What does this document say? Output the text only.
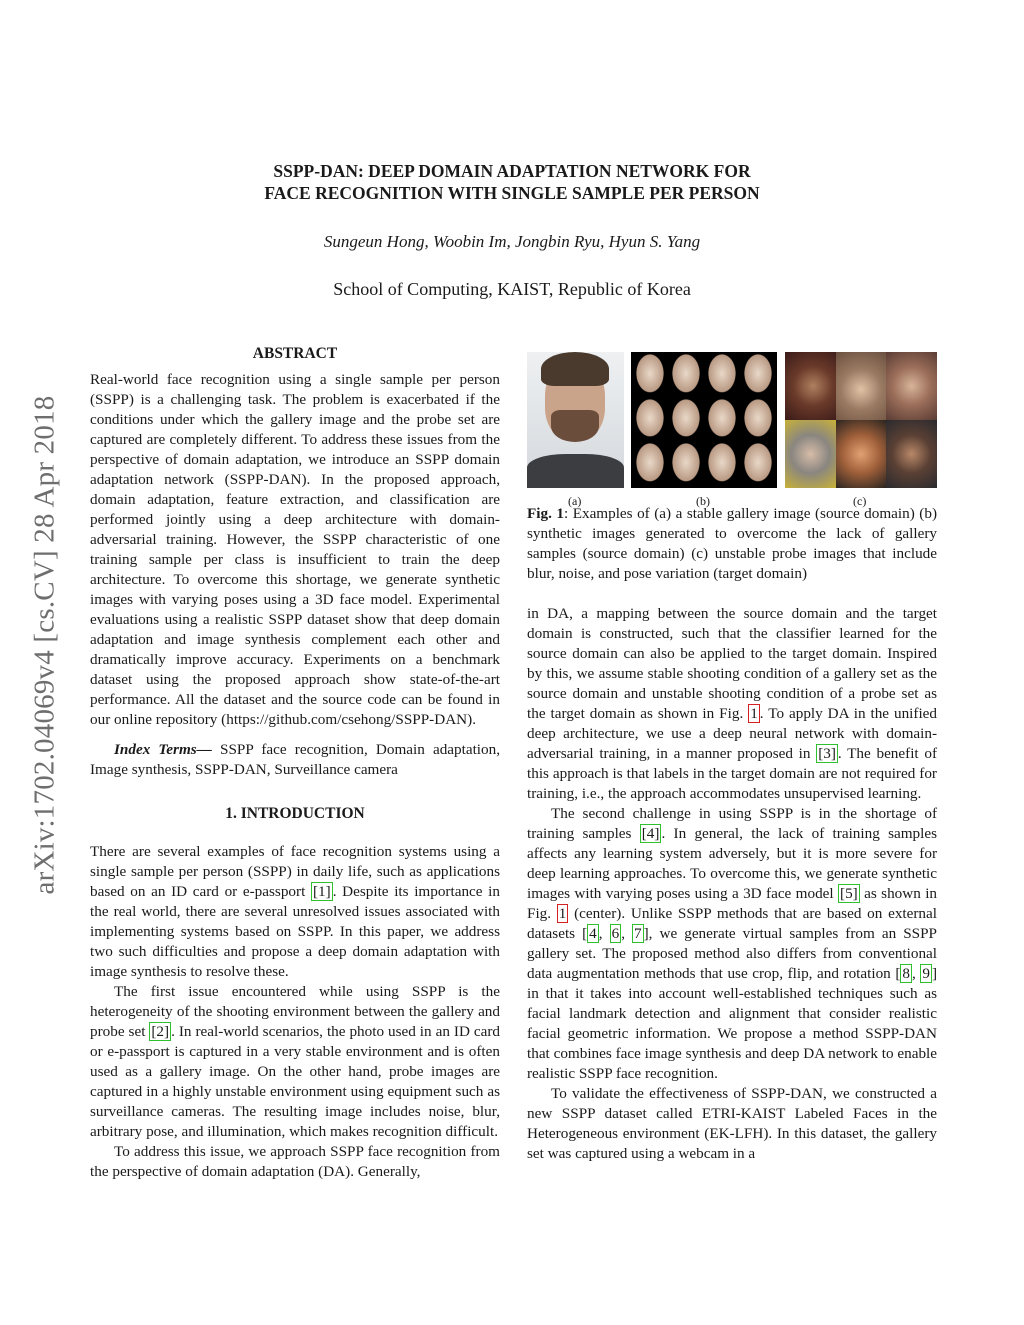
arXiv:1702.04069v4 [cs.CV] 28 Apr 2018
SSPP-DAN: DEEP DOMAIN ADAPTATION NETWORK FOR
FACE RECOGNITION WITH SINGLE SAMPLE PER PERSON
Sungeun Hong, Woobin Im, Jongbin Ryu, Hyun S. Yang
School of Computing, KAIST, Republic of Korea
ABSTRACT

Real-world face recognition using a single sample per person (SSPP) is a challenging task. The problem is exacerbated if the conditions under which the gallery image and the probe set are captured are completely different. To address these issues from the perspective of domain adaptation, we introduce an SSPP domain adaptation network (SSPP-DAN). In the proposed approach, domain adaptation, feature extraction, and classification are performed jointly using a deep architecture with domain-adversarial training. However, the SSPP characteristic of one training sample per class is insufficient to train the deep architecture. To overcome this shortage, we generate synthetic images with varying poses using a 3D face model. Experimental evaluations using a realistic SSPP dataset show that deep domain adaptation and image synthesis complement each other and dramatically improve accuracy. Experiments on a benchmark dataset using the proposed approach show state-of-the-art performance. All the dataset and the source code can be found in our online repository (https://github.com/csehong/SSPP-DAN).

Index Terms— SSPP face recognition, Domain adaptation, Image synthesis, SSPP-DAN, Surveillance camera

1. INTRODUCTION

There are several examples of face recognition systems using a single sample per person (SSPP) in daily life, such as applications based on an ID card or e-passport [1] . Despite its importance in the real world, there are several unresolved issues associated with implementing systems based on SSPP. In this paper, we address two such difficulties and propose a deep domain adaptation with image synthesis to resolve these.

The first issue encountered while using SSPP is the heterogeneity of the shooting environment between the gallery and probe set [2] . In real-world scenarios, the photo used in an ID card or e-passport is captured in a very stable environment and is often used as a gallery image. On the other hand, probe images are captured in a highly unstable environment using equipment such as surveillance cameras. The resulting image includes noise, blur, arbitrary pose, and illumination, which makes recognition difficult.

To address this issue, we approach SSPP face recognition from the perspective of domain adaptation (DA). Generally,

(a)	(b)	(c)

Fig. 1: Examples of (a) a stable gallery image (source domain) (b) synthetic images generated to overcome the lack of gallery samples (source domain) (c) unstable probe images that include blur, noise, and pose variation (target domain)

in DA, a mapping between the source domain and the target domain is constructed, such that the classifier learned for the source domain can also be applied to the target domain. Inspired by this, we assume stable shooting condition of a gallery set as the source domain and unstable shooting condition of a probe set as the target domain as shown in Fig. 1 . To apply DA in the unified deep architecture, we use a deep neural network with domain-adversarial training, in a manner proposed in [3] . The benefit of this approach is that labels in the target domain are not required for training, i.e., the approach accommodates unsupervised learning.

The second challenge in using SSPP is in the shortage of training samples [4] . In general, the lack of training samples affects any learning system adversely, but it is more severe for deep learning approaches. To overcome this, we generate synthetic images with varying poses using a 3D face model [5] as shown in Fig. 1 (center). Unlike SSPP methods that are based on external datasets [ 4 , 6 , 7 ], we generate virtual samples from an SSPP gallery set. The proposed method also differs from conventional data augmentation methods that use crop, flip, and rotation [ 8 , 9 ] in that it takes into account well-established techniques such as facial landmark detection and alignment that consider realistic facial geometric information. We propose a method SSPP-DAN that combines face image synthesis and deep DA network to enable realistic SSPP face recognition.

To validate the effectiveness of SSPP-DAN, we constructed a new SSPP dataset called ETRI-KAIST Labeled Faces in the Heterogeneous environment (EK-LFH). In this dataset, the gallery set was captured using a webcam in a
